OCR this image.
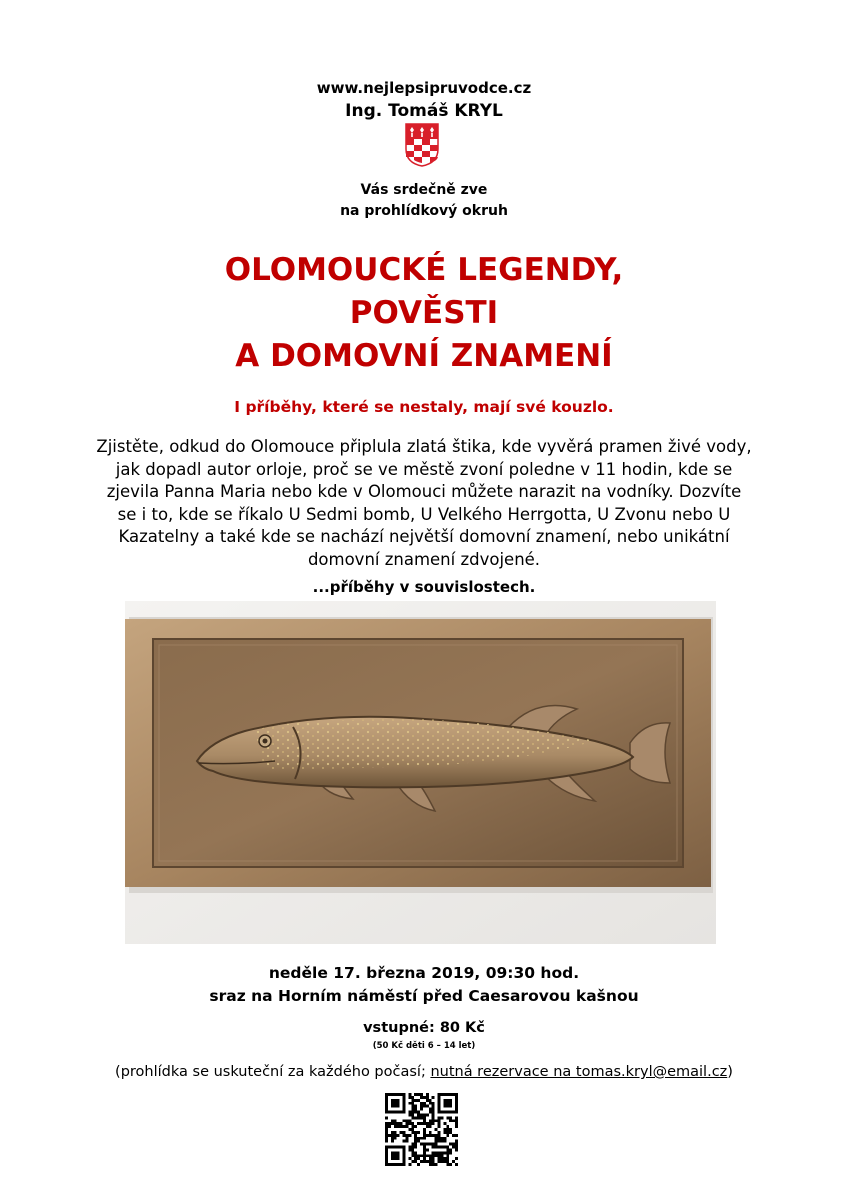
www.nejlepsipruvodce.cz
Ing. Tomáš KRYL
Vás srdečně zve
na prohlídkový okruh
OLOMOUCKÉ LEGENDY,
POVĚSTI
A DOMOVNÍ ZNAMENÍ
I příběhy, které se nestaly, mají své kouzlo.

Zjistěte, odkud do Olomouce připlula zlatá štika, kde vyvěrá pramen živé vody, jak dopadl autor orloje, proč se ve městě zvoní poledne v 11 hodin, kde se zjevila Panna Maria nebo kde v Olomouci můžete narazit na vodníky. Dozvíte se i to, kde se říkalo U Sedmi bomb, U Velkého Herrgotta, U Zvonu nebo U Kazatelny a také kde se nachází největší domovní znamení, nebo unikátní domovní znamení zdvojené.

...příběhy v souvislostech.
neděle 17. března 2019, 09:30 hod.
sraz na Horním náměstí před Caesarovou kašnou
vstupné: 80 Kč
(50 Kč děti 6 – 14 let)
(prohlídka se uskuteční za každého počasí; nutná rezervace na tomas.kryl@email.cz)
